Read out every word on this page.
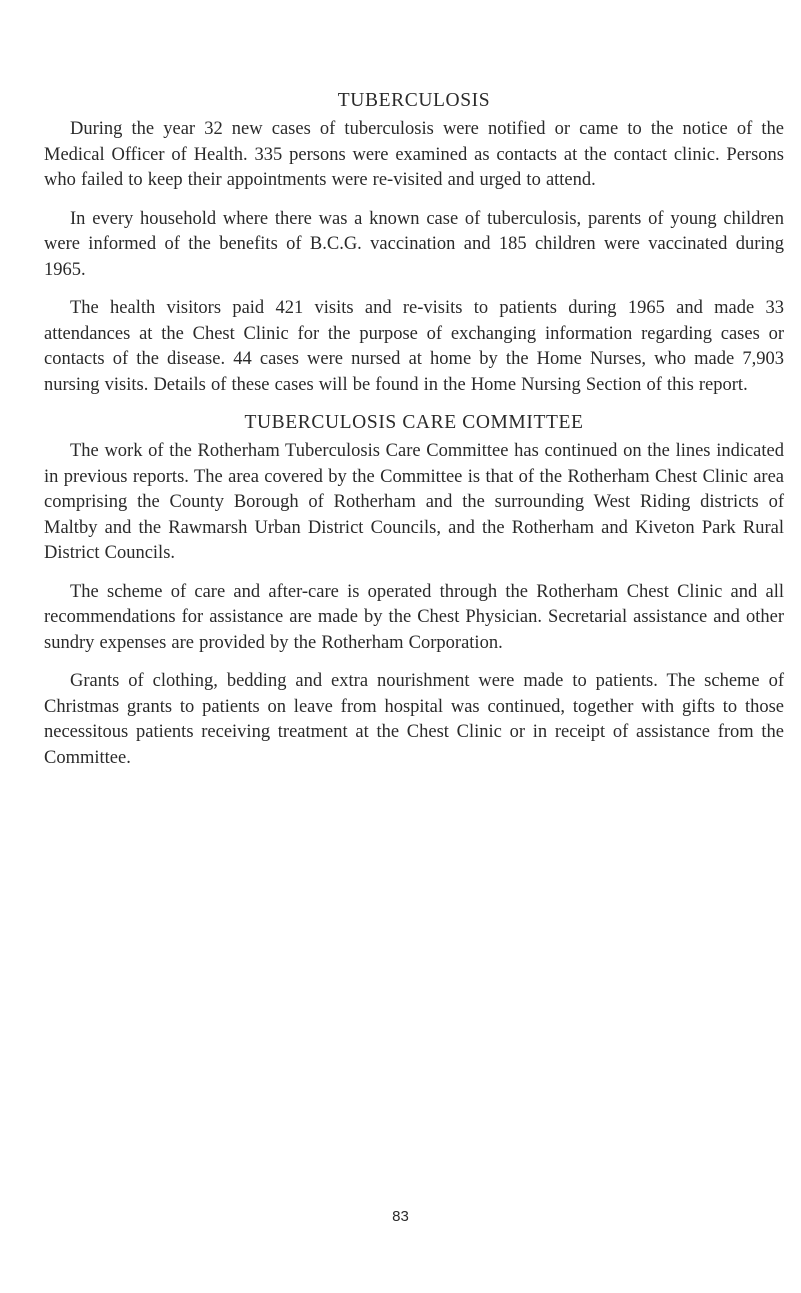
TUBERCULOSIS

During the year 32 new cases of tuberculosis were notified or came to the notice of the Medical Officer of Health. 335 persons were examined as contacts at the contact clinic. Persons who failed to keep their appointments were re-visited and urged to attend.

In every household where there was a known case of tuberculosis, parents of young children were informed of the benefits of B.C.G. vaccination and 185 children were vaccinated during 1965.

The health visitors paid 421 visits and re-visits to patients during 1965 and made 33 attendances at the Chest Clinic for the purpose of exchanging information regarding cases or contacts of the disease. 44 cases were nursed at home by the Home Nurses, who made 7,903 nursing visits. Details of these cases will be found in the Home Nursing Section of this report.

TUBERCULOSIS CARE COMMITTEE

The work of the Rotherham Tuberculosis Care Committee has continued on the lines indicated in previous reports. The area covered by the Committee is that of the Rotherham Chest Clinic area comprising the County Borough of Rotherham and the surrounding West Riding districts of Maltby and the Rawmarsh Urban District Councils, and the Rotherham and Kiveton Park Rural District Councils.

The scheme of care and after-care is operated through the Rotherham Chest Clinic and all recommendations for assistance are made by the Chest Physician. Secretarial assistance and other sundry expenses are provided by the Rotherham Corporation.

Grants of clothing, bedding and extra nourishment were made to patients. The scheme of Christmas grants to patients on leave from hospital was continued, together with gifts to those necessitous patients receiving treatment at the Chest Clinic or in receipt of assistance from the Committee.

83
